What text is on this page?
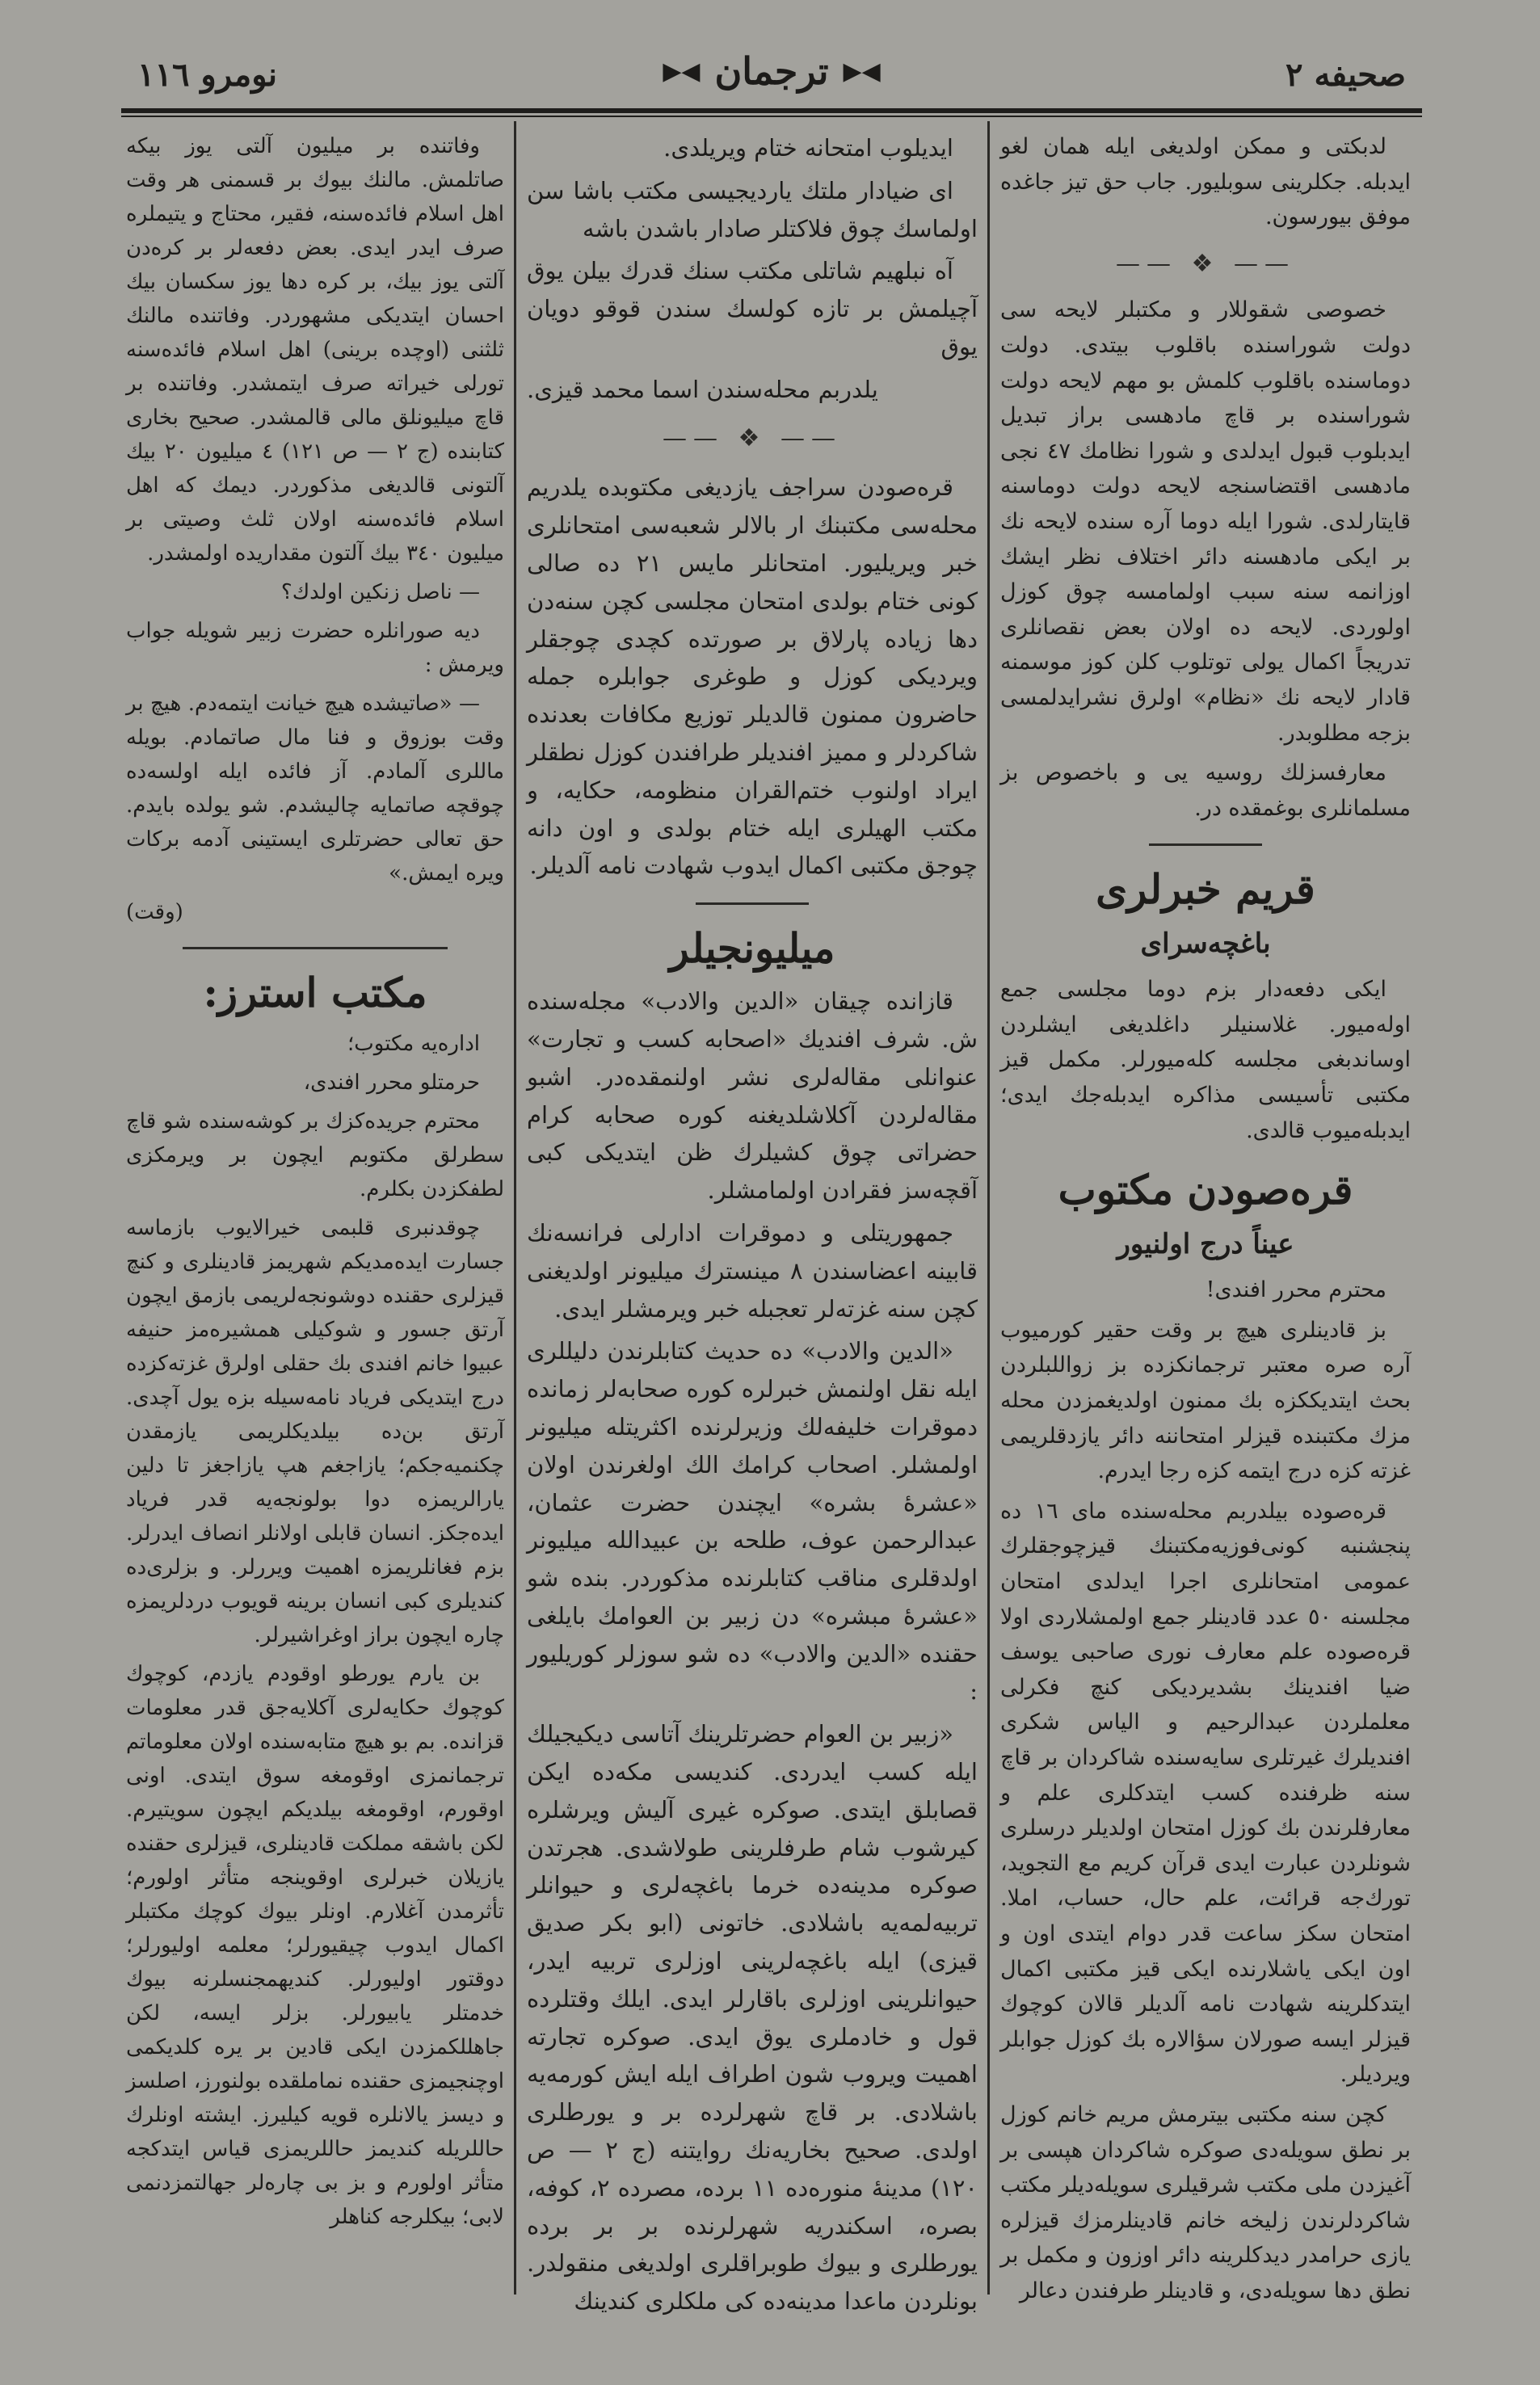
صحيفه ٢
◀▶
ترجمان
◀▶
نومرو ١١٦

لدبكتى و ممكن اولديغى ايله همان لغو ايدبله. جكلرينى سوبليور. جاب حق تيز جاغده موفق بيورسون.

—— ❖ ——

خصوصى شقوللار و مكتبلر لايحه سى دولت شوراسنده باقلوب بيتدى. دولت دوماسنده باقلوب كلمش بو مهم لايحه دولت شوراسنده بر قاچ مادهسى براز تبديل ايدبلوب قبول ايدلدى و شورا نظامك ٤٧ نجى مادهسى اقتضاسنجه لايحه دولت دوماسنه قايتارلدى. شورا ايله دوما آره سنده لايحه نك بر ايكى مادهسنه دائر اختلاف نظر ايشك اوزانمه سنه سبب اولمامسه چوق كوزل اولوردى. لايحه ده اولان بعض نقصانلرى تدريجاً اكمال يولى توتلوب كلن كوز موسمنه قادار لايحه نك «نظام» اولرق نشرايدلمسى بزجه مطلوبدر.

معارفسزلك روسيه يى و باخصوص بز مسلمانلرى بوغمقده در.

قريم خبرلرى
باغچه‌سراى

ايكى دفعه‌دار بزم دوما مجلسى جمع اوله‌ميور. غلاسنيلر داغلديغى ايشلردن اوساندبغى مجلسه كله‌ميورلر. مكمل قيز مكتبى تأسيسى مذاكره ايدبله‌جك ايدى؛ ايدبله‌ميوب قالدى.

قره‌صودن مكتوب
عيناً درج اولنيور
محترم محرر افندى!

بز قادينلرى هيچ بر وقت حقير كورميوب آره صره معتبر ترجمانكزده بز زواللبلردن بحث ايتديككزه بك ممنون اولديغمزدن محله مزك مكتبنده قيزلر امتحاننه دائر يازدقلريمى غزته كزه درج ايتمه كزه رجا ايدرم.

قره‌صوده بيلدربم محله‌سنده ماى ١٦ ده پنجشنبه كونى‌فوزيه‌مكتبنك قيزچوجقلرك عمومى امتحانلرى اجرا ايدلدى امتحان مجلسنه ٥٠ عدد قادينلر جمع اولمشلاردى اولا قره‌صوده علم معارف نورى صاحبى يوسف ضيا افندينك بشديرديكى كنچ فكرلى معلملردن عبدالرحيم و الياس شكرى افنديلرك غيرتلرى سايه‌سنده شاكردان بر قاچ سنه ظرفنده كسب ايتدكلرى علم و معارفلرندن بك كوزل امتحان اولديلر درسلرى شونلردن عبارت ايدى قرآن كريم مع التجويد، تورك‌جه قرائت، علم حال، حساب، املا. امتحان سكز ساعت قدر دوام ايتدى اون و اون ايكى ياشلارنده ايكى قيز مكتبى اكمال ايتدكلرينه شهادت نامه آلديلر قالان كوچوك قيزلر ايسه صورلان سؤالاره بك كوزل جوابلر ويرديلر.

كچن سنه مكتبى بيترمش مريم خانم كوزل بر نطق سويله‌دى صوكره شاكردان هپسى بر آغيزدن ملى مكتب شرقيلرى سويله‌ديلر مكتب شاكردلرندن زليخه خانم قادينلرمزك قيزلره يازى حرامدر ديدكلرينه دائر اوزون و مكمل بر نطق دها سويله‌دى، و قادينلر طرفندن دعالر

ايديلوب امتحانه ختام ويريلدى.

اى ضيادار ملتك يارديجيسى مكتب باشا سن اولماسك چوق فلاكتلر صادار باشدن باشه

آه نبلهيم شاتلى مكتب سنك قدرك بيلن يوق آچيلمش بر تازه كولسك سندن قوقو دويان يوق

يلدربم محله‌سندن اسما محمد قيزى.
—— ❖ ——

قره‌صودن سراجف يازديغى مكتوبده يلدريم محله‌سى مكتبنك ار بالالر شعبه‌سى امتحانلرى خبر ويريليور. امتحانلر مايس ٢١ ده صالى كونى ختام بولدى امتحان مجلسى كچن سنه‌دن دها زياده پارلاق بر صورتده كچدى چوجقلر ويرديكى كوزل و طوغرى جوابلره جمله حاضرون ممنون قالديلر توزيع مكافات بعدنده شاكردلر و مميز افنديلر طرافندن كوزل نطقلر ايراد اولنوب ختم‌القران منظومه، حكايه، و مكتب الهيلرى ايله ختام بولدى و اون دانه چوجق مكتبى اكمال ايدوب شهادت نامه آلديلر.

ميليونجيلر

قازانده چيقان «الدين والادب» مجله‌سنده ش. شرف افنديك «اصحابه كسب و تجارت» عنوانلى مقاله‌لرى نشر اولنمقده‌در. اشبو مقاله‌لردن آكلاشلديغنه كوره صحابه كرام حضراتى چوق كشيلرك ظن ايتديكى كبى آقچه‌سز فقرادن اولمامشلر.

جمهوريتلى و دموقرات ادارلى فرانسه‌نك قابينه اعضاسندن ٨ مينسترك ميليونر اولديغنى كچن سنه غزته‌لر تعجبله خبر ويرمشلر ايدى.

«الدين والادب» ده حديث كتابلرندن دليللرى ايله نقل اولنمش خبرلره كوره صحابه‌لر زمانده دموقرات خليفه‌لك وزيرلرنده اكثريتله ميليونر اولمشلر. اصحاب كرامك الك اولغرندن اولان «عشرهٔ بشره» ايچندن حضرت عثمان، عبدالرحمن عوف، طلحه بن عبيدالله ميليونر اولدقلرى مناقب كتابلرنده مذكوردر. بنده شو «عشرهٔ مبشره» دن زبير بن العوامك بايلغى حقنده «الدين والادب» ده شو سوزلر كوريليور :

«زبير بن العوام حضرتلرينك آتاسى ديكيجيلك ايله كسب ايدردى. كنديسى مكه‌ده ايكن قصابلق ايتدى. صوكره غيرى آليش ويرشلره كيرشوب شام طرفلرينى طولاشدى. هجرتدن صوكره مدينه‌ده خرما باغچه‌لرى و حيوانلر تربيه‌لمه‌يه باشلادى. خاتونى (ابو بكر صديق قيزى) ايله باغچه‌لرينى اوزلرى تربيه ايدر، حيوانلرينى اوزلرى باقارلر ايدى. ايلك وقتلرده قول و خادملرى يوق ايدى. صوكره تجارته اهميت ويروب شون اطراف ايله ايش كورمه‌يه باشلادى. بر قاچ شهرلرده بر و يورطلرى اولدى. صحيح بخاريه‌نك روايتنه (ج ٢ — ص ١٢٠) مدينهٔ منوره‌ده ١١ برده، مصرده ٢، كوفه، بصره، اسكندريه شهرلرنده بر بر برده يورطلرى و بيوك طوبراقلرى اولديغى منقولدر. بونلردن ماعدا مدينه‌ده كى ملكلرى كندينك

وفاتنده بر ميليون آلتى يوز بيكه صاتلمش. مالنك بيوك بر قسمنى هر وقت اهل اسلام فائده‌سنه، فقير، محتاج و يتيملره صرف ايدر ايدى. بعض دفعه‌لر بر كره‌دن آلتى يوز بيك، بر كره دها يوز سكسان بيك احسان ايتديكى مشهوردر. وفاتنده مالنك ثلثنى (اوچده برينى) اهل اسلام فائده‌سنه تورلى خيراته صرف ايتمشدر. وفاتنده بر قاچ ميليونلق مالى قالمشدر. صحيح بخارى كتابنده (ج ٢ — ص ١٢١) ٤ ميليون ٢٠ بيك آلتونى قالديغى مذكوردر. ديمك كه اهل اسلام فائده‌سنه اولان ثلث وصيتى بر ميليون ٣٤٠ بيك آلتون مقداريده اولمشدر.

— ناصل زنكين اولدك؟

ديه صورانلره حضرت زبير شويله جواب ويرمش :

— «صاتيشده هيچ خيانت ايتمه‌دم. هيچ بر وقت بوزوق و فنا مال صاتمادم. بويله ماللرى آلمادم. آز فائده ايله اولسه‌ده چوقچه صاتمايه چاليشدم. شو يولده بايدم. حق تعالى حضرتلرى ايستينى آدمه بركات ويره ايمش.»

(وقت)
مكتب استرز:
اداره‌يه مكتوب؛
حرمتلو محرر افندى،

محترم جريده‌كزك بر كوشه‌سنده شو قاچ سطرلق مكتوبم ايچون بر ويرمكزى لطفكزدن بكلرم.

چوقدنبرى قلبمى خيرالايوب بازماسه جسارت ايده‌مديكم شهريمز قادينلرى و كنچ قيزلرى حقنده دوشونجه‌لريمى بازمق ايچون آرتق جسور و شوكيلى همشيره‌مز حنيفه عبيوا خانم افندى بك حقلى اولرق غزته‌كزده درج ايتديكى فرياد نامه‌سيله بزه يول آچدى. آرتق بن‌ده بيلديكلريمى يازمقدن چكنميه‌جكم؛ يازاجغم هپ يازاجغز تا دلين يارالريمزه دوا بولونجه‌يه قدر فرياد ايده‌جكز. انسان قابلى اولانلر انصاف ايدرلر. بزم فغانلريمزه اهميت ويررلر. و بزلرى‌ده كنديلرى كبى انسان برينه قويوب دردلريمزه چاره ايچون براز اوغراشيرلر.

بن يارم يورطو اوقودم يازدم، كوچوك كوچوك حكايه‌لرى آكلايه‌جق قدر معلومات قزانده. بم بو هيچ متابه‌سنده اولان معلوماتم ترجمانمزى اوقومغه سوق ايتدى. اونى اوقورم، اوقومغه بيلديكم ايچون سويتيرم. لكن باشقه مملكت قادينلرى، قيزلرى حقنده يازيلان خبرلرى اوقوينجه متأثر اولورم؛ تأثرمدن آغلارم. اونلر بيوك كوچك مكتبلر اكمال ايدوب چيقيورلر؛ معلمه اوليورلر؛ دوقتور اوليورلر. كنديهمجنسلرنه بيوك خدمتلر يابيورلر. بزلر ايسه، لكن جاهللكمزدن ايكى قادين بر يره كلديكمى اوچنجيمزى حقنده نماملقده بولنورز، اصلسز و ديسز يالانلره قويه كيليرز. ايشته اونلرك حاللريله كنديمز حاللريمزى قياس ايتدكجه متأثر اولورم و بز بى چاره‌لر جهالتمزدنمى لابى؛ بيكلرجه كناهلر
